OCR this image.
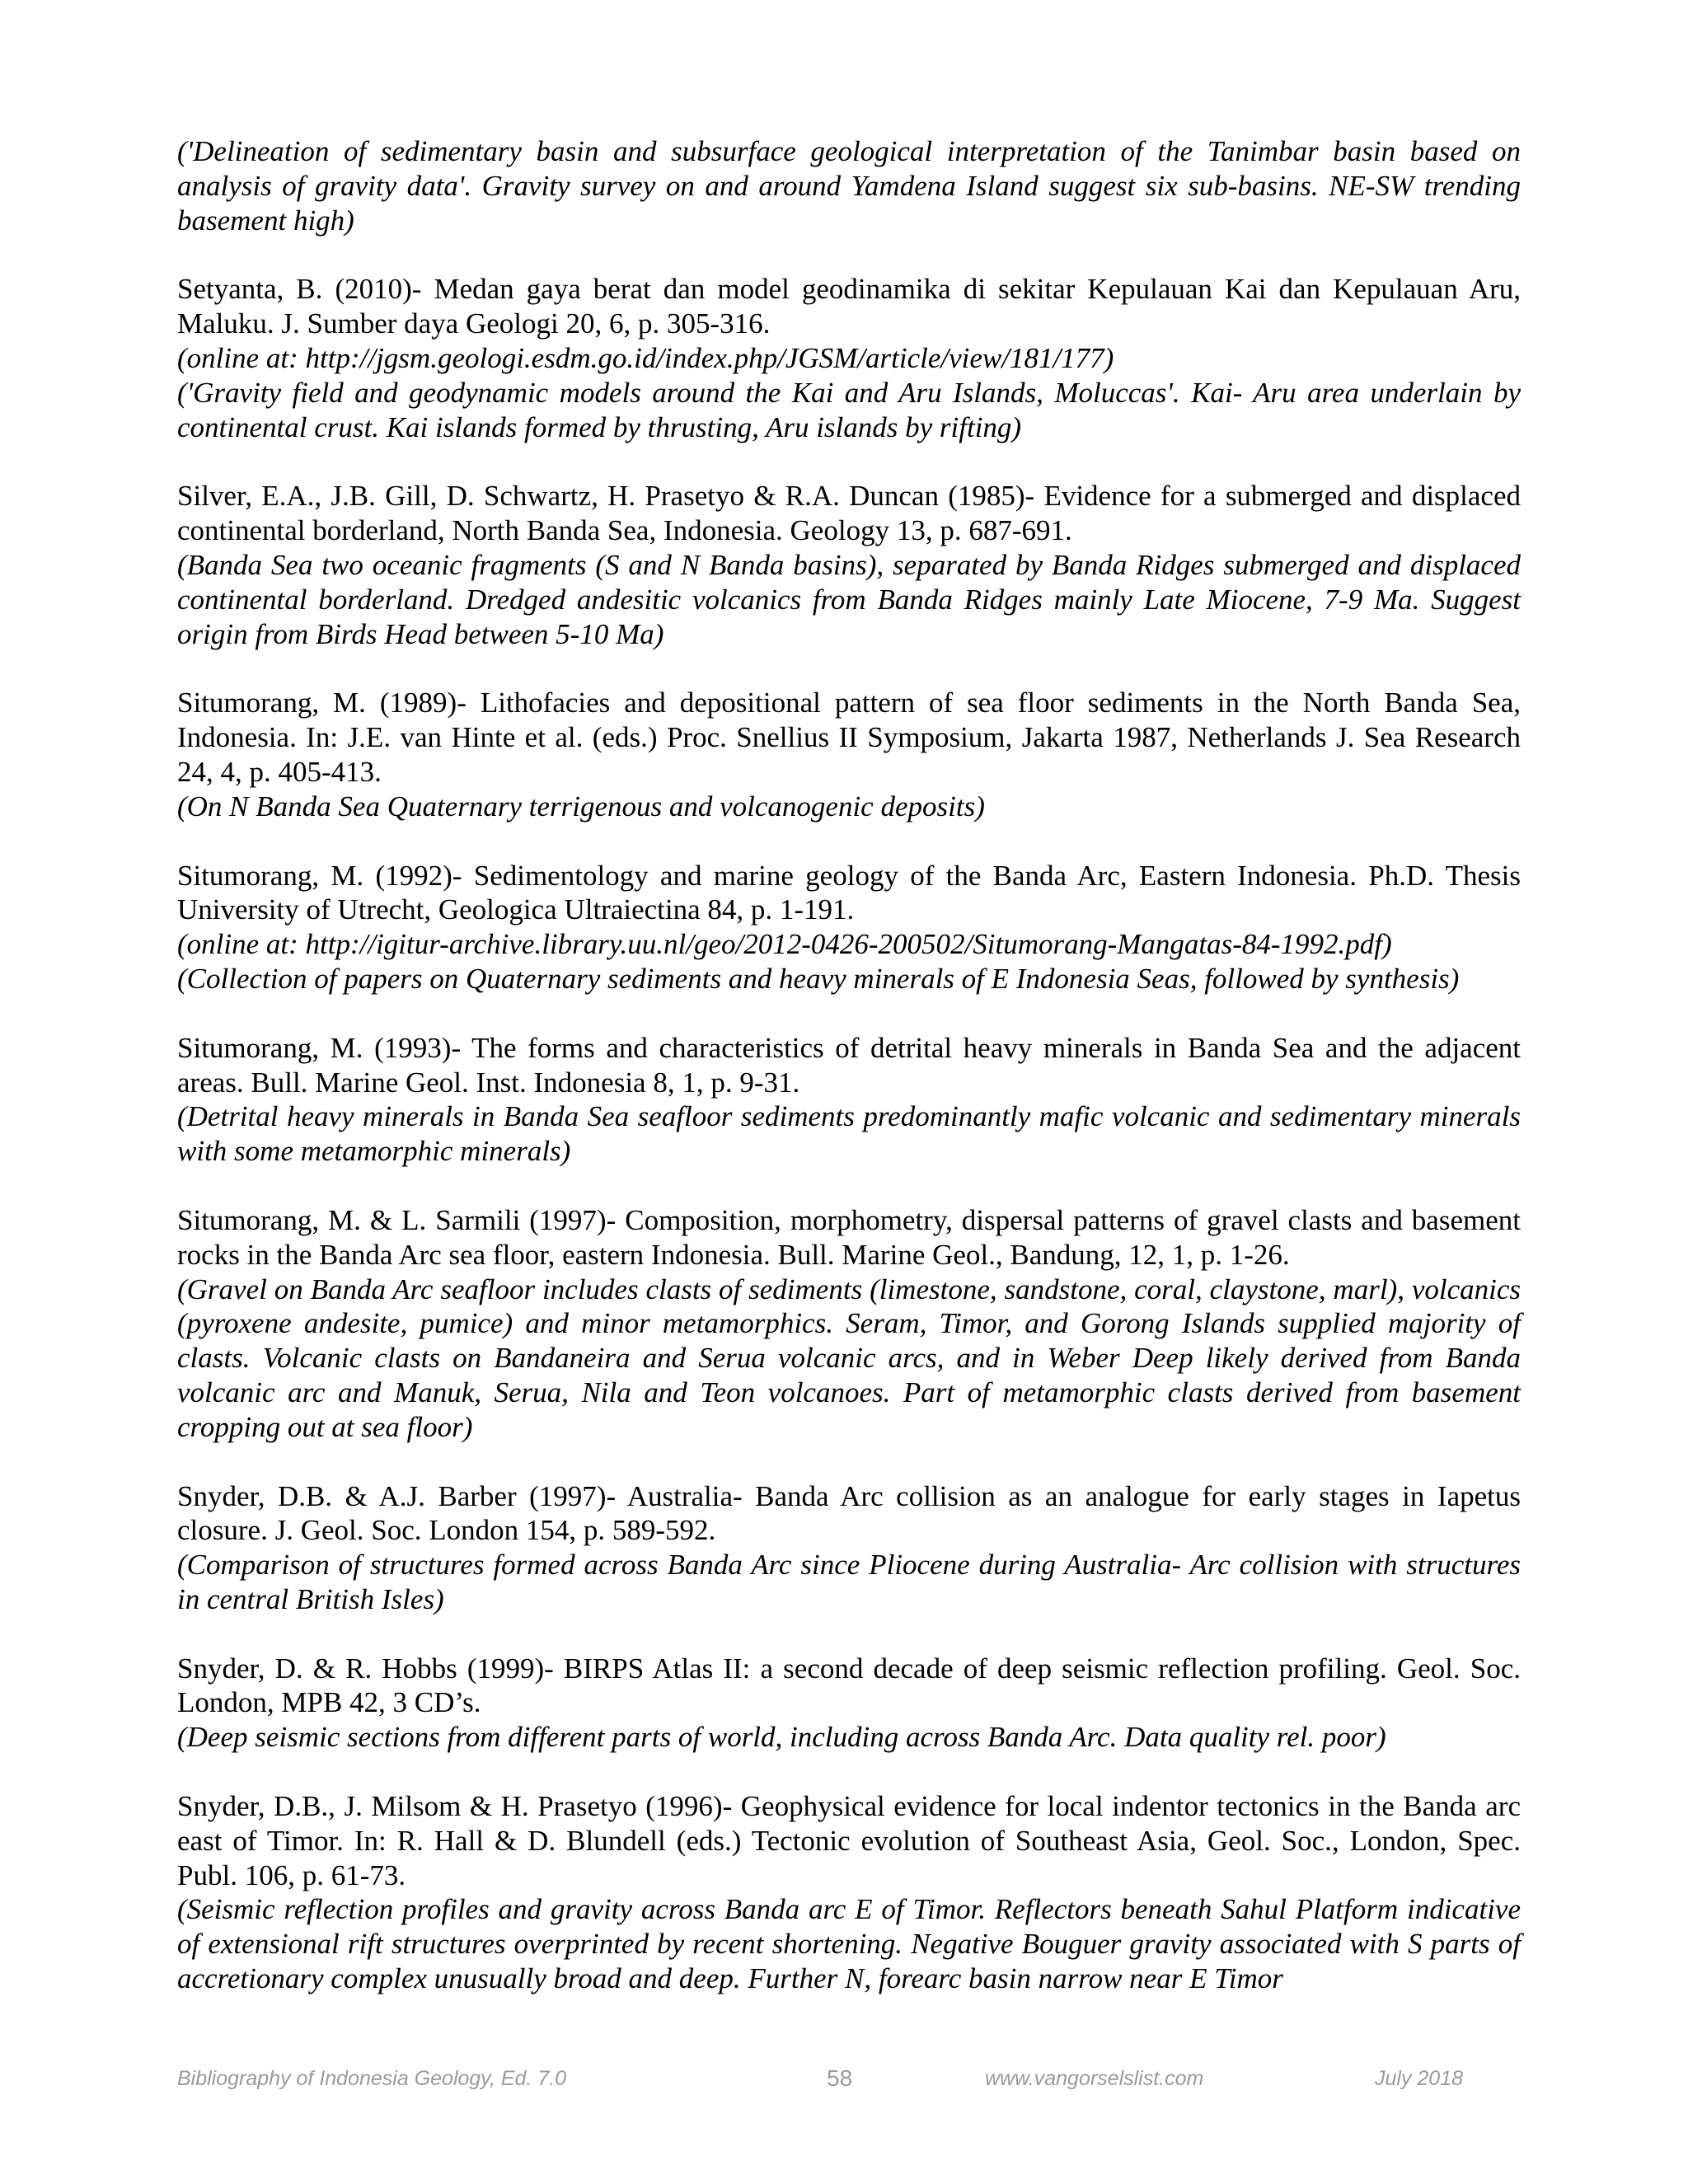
('Delineation of sedimentary basin and subsurface geological interpretation of the Tanimbar basin based on analysis of gravity data'. Gravity survey on and around Yamdena Island suggest six sub-basins. NE-SW trending basement high)

Setyanta, B. (2010)- Medan gaya berat dan model geodinamika di sekitar Kepulauan Kai dan Kepulauan Aru, Maluku. J. Sumber daya Geologi 20, 6, p. 305-316.

(online at: http://jgsm.geologi.esdm.go.id/index.php/JGSM/article/view/181/177)

('Gravity field and geodynamic models around the Kai and Aru Islands, Moluccas'. Kai- Aru area underlain by continental crust. Kai islands formed by thrusting, Aru islands by rifting)

Silver, E.A., J.B. Gill, D. Schwartz, H. Prasetyo & R.A. Duncan (1985)- Evidence for a submerged and displaced continental borderland, North Banda Sea, Indonesia. Geology 13, p. 687-691.

(Banda Sea two oceanic fragments (S and N Banda basins), separated by Banda Ridges submerged and displaced continental borderland. Dredged andesitic volcanics from Banda Ridges mainly Late Miocene, 7-9 Ma. Suggest origin from Birds Head between 5-10 Ma)

Situmorang, M. (1989)- Lithofacies and depositional pattern of sea floor sediments in the North Banda Sea, Indonesia. In: J.E. van Hinte et al. (eds.) Proc. Snellius II Symposium, Jakarta 1987, Netherlands J. Sea Research 24, 4, p. 405-413.

(On N Banda Sea Quaternary terrigenous and volcanogenic deposits)

Situmorang, M. (1992)- Sedimentology and marine geology of the Banda Arc, Eastern Indonesia. Ph.D. Thesis University of Utrecht, Geologica Ultraiectina 84, p. 1-191.

(online at: http://igitur-archive.library.uu.nl/geo/2012-0426-200502/Situmorang-Mangatas-84-1992.pdf)

(Collection of papers on Quaternary sediments and heavy minerals of E Indonesia Seas, followed by synthesis)

Situmorang, M. (1993)- The forms and characteristics of detrital heavy minerals in Banda Sea and the adjacent areas. Bull. Marine Geol. Inst. Indonesia 8, 1, p. 9-31.

(Detrital heavy minerals in Banda Sea seafloor sediments predominantly mafic volcanic and sedimentary minerals with some metamorphic minerals)

Situmorang, M. & L. Sarmili (1997)- Composition, morphometry, dispersal patterns of gravel clasts and basement rocks in the Banda Arc sea floor, eastern Indonesia. Bull. Marine Geol., Bandung, 12, 1, p. 1-26.

(Gravel on Banda Arc seafloor includes clasts of sediments (limestone, sandstone, coral, claystone, marl), volcanics (pyroxene andesite, pumice) and minor metamorphics. Seram, Timor, and Gorong Islands supplied majority of clasts. Volcanic clasts on Bandaneira and Serua volcanic arcs, and in Weber Deep likely derived from Banda volcanic arc and Manuk, Serua, Nila and Teon volcanoes. Part of metamorphic clasts derived from basement cropping out at sea floor)

Snyder, D.B. & A.J. Barber (1997)- Australia- Banda Arc collision as an analogue for early stages in Iapetus closure. J. Geol. Soc. London 154, p. 589-592.

(Comparison of structures formed across Banda Arc since Pliocene during Australia- Arc collision with structures in central British Isles)

Snyder, D. & R. Hobbs (1999)- BIRPS Atlas II: a second decade of deep seismic reflection profiling. Geol. Soc. London, MPB 42, 3 CD’s.

(Deep seismic sections from different parts of world, including across Banda Arc. Data quality rel. poor)

Snyder, D.B., J. Milsom & H. Prasetyo (1996)- Geophysical evidence for local indentor tectonics in the Banda arc east of Timor. In: R. Hall & D. Blundell (eds.) Tectonic evolution of Southeast Asia, Geol. Soc., London, Spec. Publ. 106, p. 61-73.

(Seismic reflection profiles and gravity across Banda arc E of Timor. Reflectors beneath Sahul Platform indicative of extensional rift structures overprinted by recent shortening. Negative Bouguer gravity associated with S parts of accretionary complex unusually broad and deep. Further N, forearc basin narrow near E Timor

Bibliography of Indonesia Geology, Ed. 7.0	58	www.vangorselslist.com	July 2018
